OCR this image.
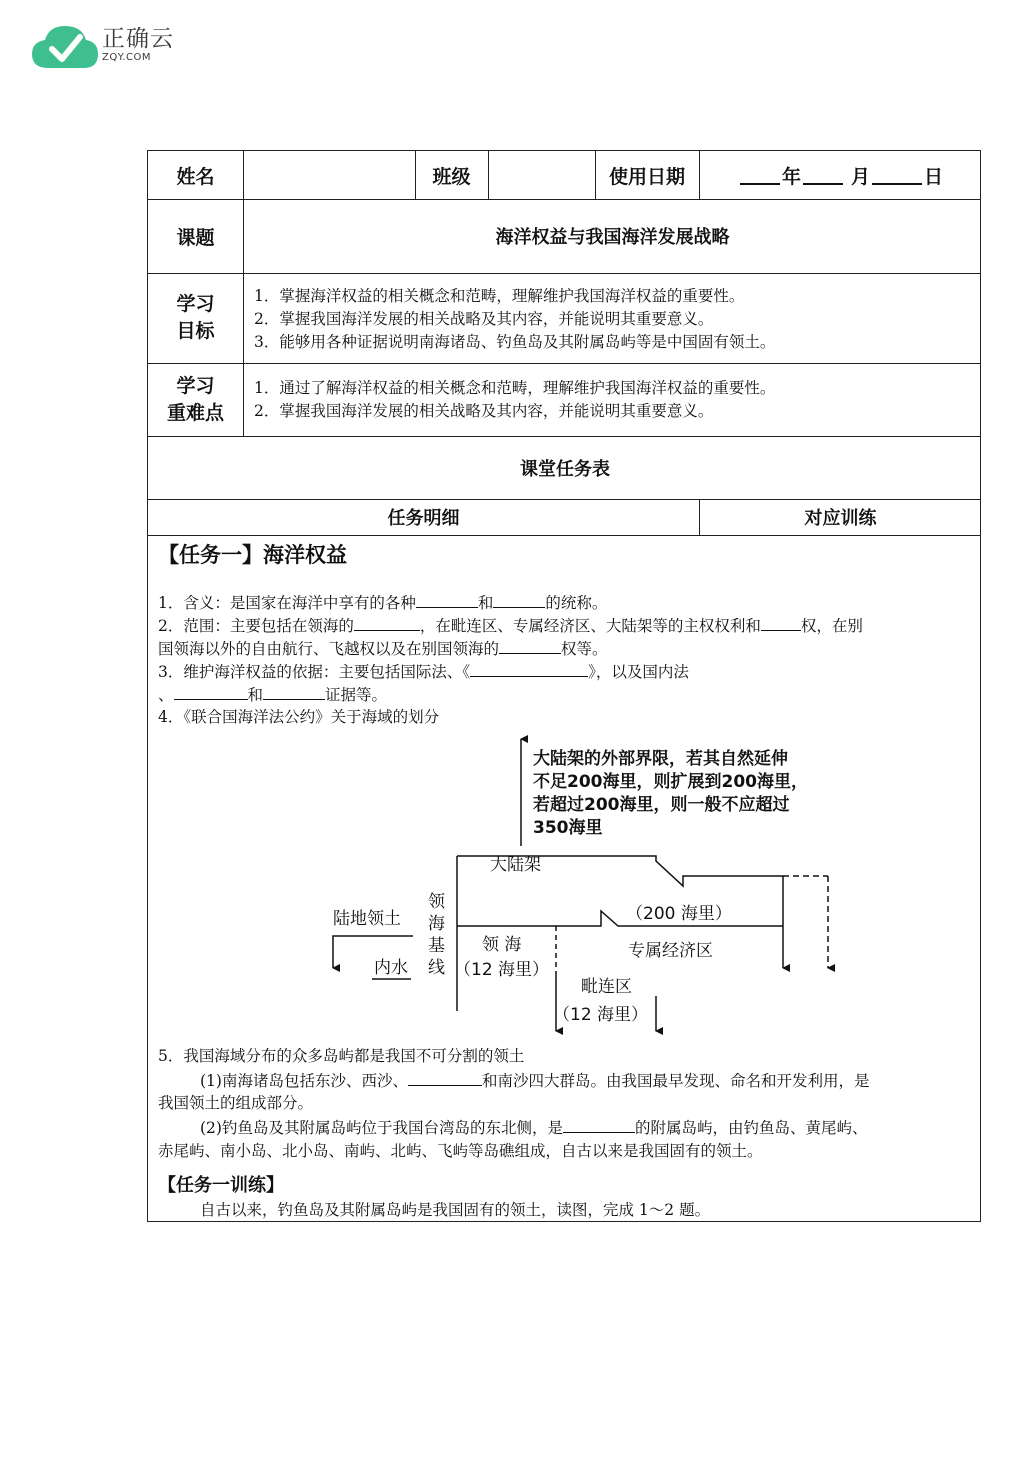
正确云
ZQY.COM
姓名	班级	使用日期	年	月	日
课题	海洋权益与我国海洋发展战略
学习
目标
1．掌握海洋权益的相关概念和范畴，理解维护我国海洋权益的重要性。
2．掌握我国海洋发展的相关战略及其内容，并能说明其重要意义。
3．能够用各种证据说明南海诸岛、钓鱼岛及其附属岛屿等是中国固有领土。
学习
重难点
1．通过了解海洋权益的相关概念和范畴，理解维护我国海洋权益的重要性。
2．掌握我国海洋发展的相关战略及其内容，并能说明其重要意义。
课堂任务表
任务明细	对应训练
【任务一】海洋权益
1．含义：是国家在海洋中享有的各种	和	的统称。
2．范围：主要包括在领海的	，在毗连区、专属经济区、大陆架等的主权权利和	权，在别
国领海以外的自由航行、飞越权以及在别国领海的	权等。
3．维护海洋权益的依据：主要包括国际法、《	》，以及国内法
、	和	证据等。
4．《联合国海洋法公约》关于海域的划分
大陆架的外部界限，若其自然延伸
不足200海里，则扩展到200海里，
若超过200海里，则一般不应超过
350海里
大陆架
陆地领土
领
海
基
线
（200 海里）
领 海	专属经济区
内水	（12 海里）
毗连区
（12 海里）
5．我国海域分布的众多岛屿都是我国不可分割的领土
(1)南海诸岛包括东沙、西沙、	和南沙四大群岛。由我国最早发现、命名和开发利用，是
我国领土的组成部分。
(2)钓鱼岛及其附属岛屿位于我国台湾岛的东北侧，是	的附属岛屿，由钓鱼岛、黄尾屿、
赤尾屿、南小岛、北小岛、南屿、北屿、飞屿等岛礁组成，自古以来是我国固有的领土。
【任务一训练】
自古以来，钓鱼岛及其附属岛屿是我国固有的领土，读图，完成 1～2 题。
